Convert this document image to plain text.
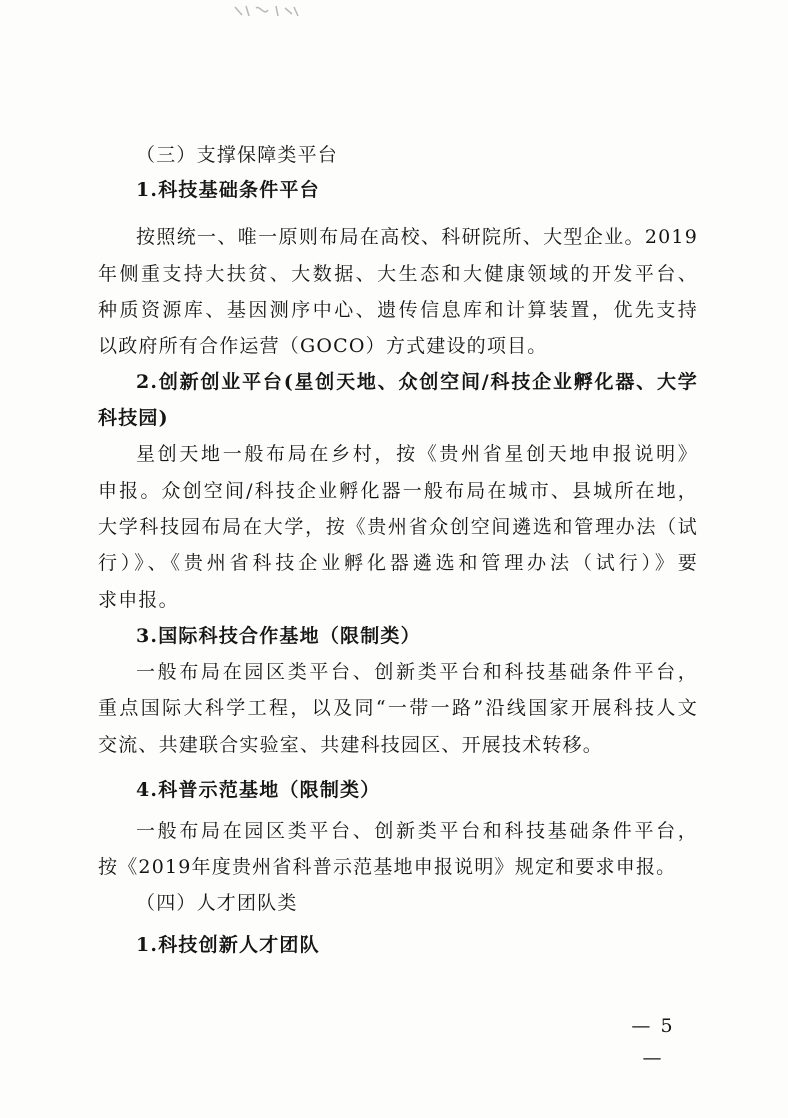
（三）支撑保障类平台
1.科技基础条件平台
按照统一、唯一原则布局在高校、科研院所、大型企业。2019
年侧重支持大扶贫、大数据、大生态和大健康领域的开发平台、
种质资源库、基因测序中心、遗传信息库和计算装置，优先支持
以政府所有合作运营（GOCO）方式建设的项目。
2.创新创业平台(星创天地、众创空间/科技企业孵化器、大学
科技园)
星创天地一般布局在乡村，按《贵州省星创天地申报说明》
申报。众创空间/科技企业孵化器一般布局在城市、县城所在地，
大学科技园布局在大学，按《贵州省众创空间遴选和管理办法（试
行）》、《贵州省科技企业孵化器遴选和管理办法（试行）》要
求申报。
3.国际科技合作基地（限制类）
一般布局在园区类平台、创新类平台和科技基础条件平台，
重点国际大科学工程，以及同“一带一路”沿线国家开展科技人文
交流、共建联合实验室、共建科技园区、开展技术转移。
4.科普示范基地（限制类）
一般布局在园区类平台、创新类平台和科技基础条件平台，
按《2019年度贵州省科普示范基地申报说明》规定和要求申报。
（四）人才团队类
1.科技创新人才团队
— 5 —
